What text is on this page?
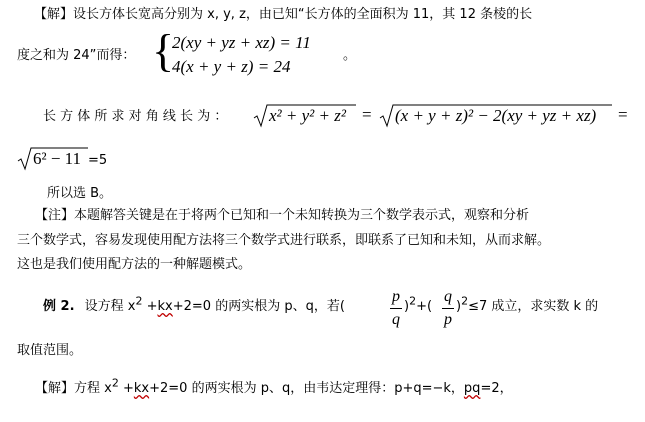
【解】设长方体长宽高分别为 x, y, z，由已知“长方体的全面积为 11，其 12 条棱的长
度之和为 24”而得： {
2(xy + yz + xz) = 11
4(x + y + z) = 24
。
长 方 体 所 求 对 角 线 长 为 ： x² + y² + z² = (x + y + z)² − 2(xy + yz + xz) =
6² − 11 =5
所以选 B。
【注】本题解答关键是在于将两个已知和一个未知转换为三个数学表示式，观察和分析
三个数学式，容易发现使用配方法将三个数学式进行联系，即联系了已知和未知，从而求解。
这也是我们使用配方法的一种解题模式。
例 2. 设方程 $x^2 +kx+2=0$ 的两实根为 p、q，若(
p
q
)$^2$+(
q
p
)$^2$≤7 成立，求实数 k 的
取值范围。
【解】方程 $x^2 +kx+2=0$ 的两实根为 p、q，由韦达定理得：p+q=−k，pq=2，
